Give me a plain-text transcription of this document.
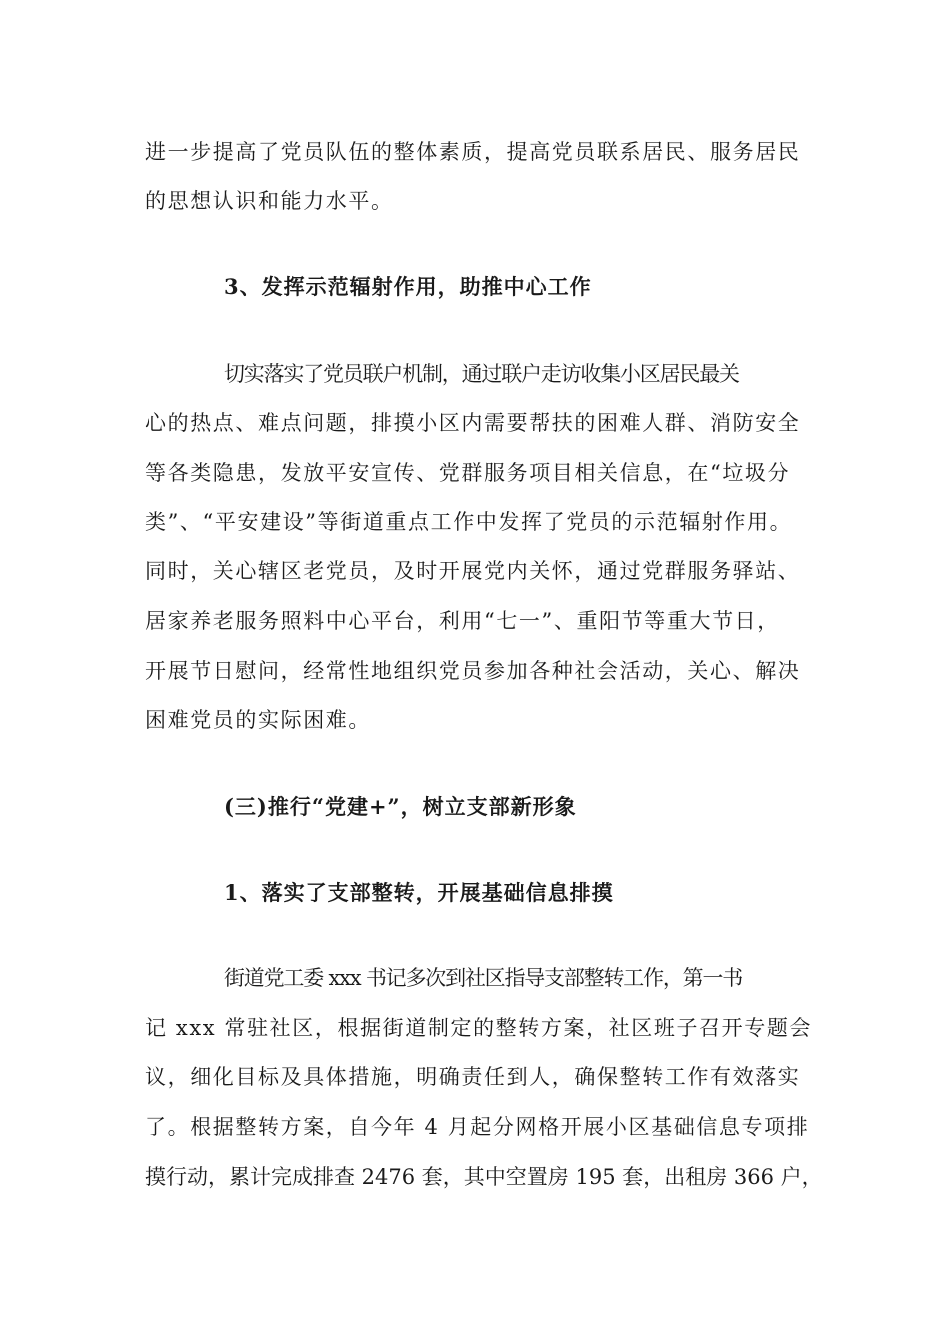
进一步提高了党员队伍的整体素质，提高党员联系居民、服务居民
的思想认识和能力水平。
3、发挥示范辐射作用，助推中心工作
切实落实了党员联户机制，通过联户走访收集小区居民最关
心的热点、难点问题，排摸小区内需要帮扶的困难人群、消防安全
等各类隐患，发放平安宣传、党群服务项目相关信息，在“垃圾分
类”、“平安建设”等街道重点工作中发挥了党员的示范辐射作用。
同时，关心辖区老党员，及时开展党内关怀，通过党群服务驿站、
居家养老服务照料中心平台，利用“七一”、重阳节等重大节日，
开展节日慰问，经常性地组织党员参加各种社会活动，关心、解决
困难党员的实际困难。
(三)推行“党建+”，树立支部新形象
1、落实了支部整转，开展基础信息排摸
街道党工委 xxx 书记多次到社区指导支部整转工作，第一书
记 xxx 常驻社区，根据街道制定的整转方案，社区班子召开专题会
议，细化目标及具体措施，明确责任到人，确保整转工作有效落实
了。根据整转方案，自今年 4 月起分网格开展小区基础信息专项排
摸行动，累计完成排查 2476 套，其中空置房 195 套，出租房 366 户，
